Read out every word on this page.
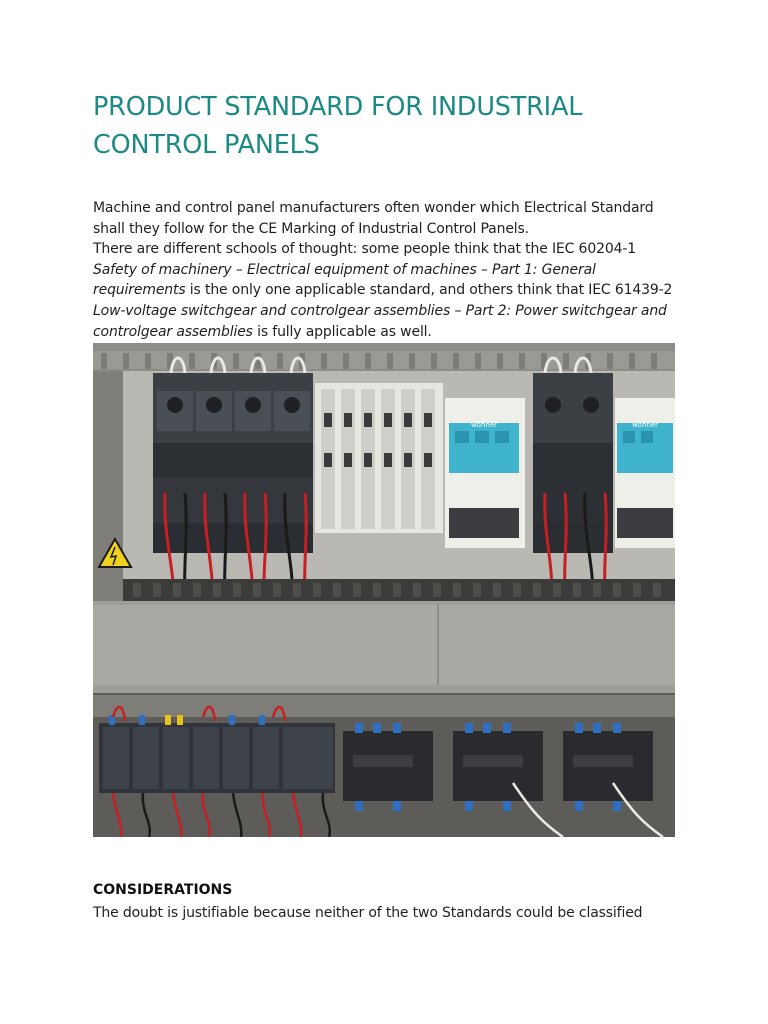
PRODUCT STANDARD FOR INDUSTRIAL
CONTROL PANELS

Machine and control panel manufacturers often wonder which Electrical Standard shall they follow for the CE Marking of Industrial Control Panels.

There are different schools of thought: some people think that the IEC 60204-1 Safety of machinery – Electrical equipment of machines – Part 1: General requirements is the only one applicable standard, and others think that IEC 61439-2 Low-voltage switchgear and controlgear assemblies – Part 2: Power switchgear and controlgear assemblies is fully applicable as well.

wöhner	wöhner
CONSIDERATIONS

The doubt is justifiable because neither of the two Standards could be classified
